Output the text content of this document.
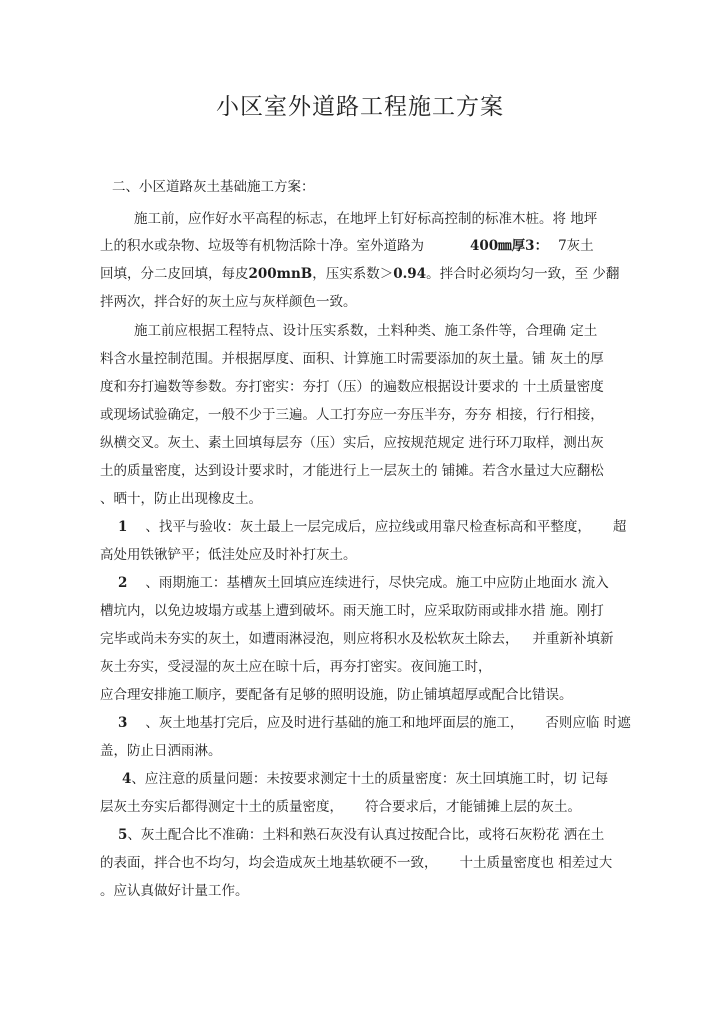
小区室外道路工程施工方案
二、小区道路灰土基础施工方案：
施工前，应作好水平高程的标志，在地坪上钉好标高控制的标准木桩。将 地坪
上的积水或杂物、垃圾等有机物活除十净。室外道路为	400㎜厚3： 7灰土
回填，分二皮回填，每皮200mnB，压实系数＞0.94。拌合时必须均匀一致，至 少翻
拌两次，拌合好的灰土应与灰样颜色一致。
施工前应根据工程特点、设计压实系数，土料种类、施工条件等，合理确 定土
料含水量控制范围。并根据厚度、面积、计算施工时需要添加的灰土量。铺 灰土的厚
度和夯打遍数等参数。夯打密实：夯打（压）的遍数应根据设计要求的 十土质量密度
或现场试验确定，一般不少于三遍。人工打夯应一夯压半夯，夯夯 相接，行行相接，
纵横交叉。灰土、素土回填每层夯（压）实后，应按规范规定 进行环刀取样，测出灰
土的质量密度，达到设计要求时，才能进行上一层灰土的 铺摊。若含水量过大应翻松
、晒十，防止出现橡皮土。
1 、找平与验收：灰土最上一层完成后，应拉线或用靠尺检查标高和平整度， 超
高处用铁锹铲平；低洼处应及时补打灰土。
2 、雨期施工：基槽灰土回填应连续进行，尽快完成。施工中应防止地面水 流入
槽坑内，以免边坡塌方或基上遭到破坏。雨天施工时，应采取防雨或排水措 施。刚打
完毕或尚未夯实的灰土，如遭雨淋浸泡，则应将积水及松软灰土除去， 并重新补填新
灰土夯实，受浸湿的灰土应在晾十后，再夯打密实。夜间施工时，
应合理安排施工顺序，要配备有足够的照明设施，防止铺填超厚或配合比错误。
3 、灰土地基打完后，应及时进行基础的施工和地坪面层的施工， 否则应临 时遮
盖，防止日洒雨淋。
4、应注意的质量问题：未按要求测定十土的质量密度：灰土回填施工时，切 记每
层灰土夯实后都得测定十土的质量密度， 符合要求后，才能铺摊上层的灰土。
5、灰土配合比不准确：土料和熟石灰没有认真过按配合比，或将石灰粉花 洒在土
的表面，拌合也不均匀，均会造成灰土地基软硬不一致， 十土质量密度也 相差过大
。应认真做好计量工作。
